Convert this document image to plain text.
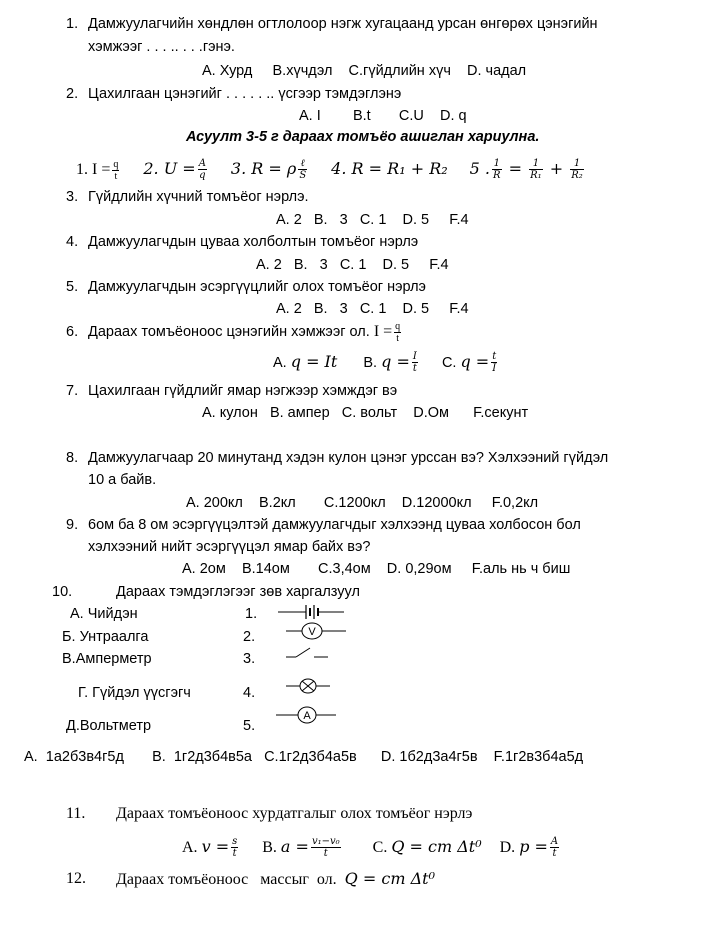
1. Дамжуулагчийн хөндлөн огтлолоор нэгж хугацаанд урсан өнгөрөх цэнэгийн
хэмжээг . . . .. . . .гэнэ.
А. Хурд     В.хүчдэл    С.гүйдлийн хүч    D. чадал
2. Цахилгаан цэнэгийг . . . . . .. үсгээр тэмдэглэнэ
A. I        B.t       C.U    D. q
Асуулт 3-5 г дараах томъёо ашиглан хариулна.
1. $I = \frac{q}{t} 2$. $U = \frac{A}{q} 3$. R = ρ $\frac{\text{ℓ}}{S} 4$. R = R₁ + R₂ 5 . $\frac{1}{R} = \frac{1}{\text{R₁}} + \frac{1}{\text{R₂}}$
3. Гүйдлийн хүчний томъёог нэрлэ.
A. 2   B.   3   C. 1    D. 5     F.4
4. Дамжуулагчдын цуваа холболтын томъёог нэрлэ
A. 2   B.   3   C. 1    D. 5     F.4
5. Дамжуулагчдын эсэргүүцлийг олох томъёог нэрлэ
A. 2   B.   3   C. 1    D. 5     F.4
6. Дараах томъёоноос цэнэгийн хэмжээг ол. $I = \frac{q}{t}$
A. q = It B. $q = \frac{I}{t} C$. $q = \frac{t}{I}$
7. Цахилгаан гүйдлийг ямар нэгжээр хэмждэг вэ
А. кулон   В. ампер   С. вольт    D.Ом      F.секунт
8. Дамжуулагчаар 20 минутанд хэдэн кулон цэнэг урссан вэ? Хэлхээний гүйдэл
10 а байв.
А. 200кл    В.2кл       С.1200кл    D.12000кл     F.0,2кл
9. 6ом ба 8 ом эсэргүүцэлтэй дамжуулагчдыг хэлхээнд цуваа холбосон бол
хэлхээний нийт эсэргүүцэл ямар байх вэ?
А. 2ом    В.14ом       С.3,4ом    D. 0,29ом     F.аль нь ч биш
10.	Дараах тэмдэглэгээг зөв харгалзуул
А. Чийдэн
Б. Унтраалга
В.Амперметр
Г. Гүйдэл үүсгэгч
Д.Вольтметр
1.
2.
3.
4.
5.
V
A
A.  1а2б3в4г5д       B.  1г2д3б4в5а   C.1г2д3б4а5в      D. 1б2д3а4г5в    F.1г2в3б4а5д
11. Дараах томъёоноос хурдатгалыг олох томъёог нэрлэ
A. $v = \frac{s}{t} B$. $a = \frac{\text{v₁−v₀}}{t} C$. Q = cm Δt⁰ D. $p = \frac{A}{t}$
12. Дараах томъёоноос   массыг  ол. Q = cm Δt⁰
